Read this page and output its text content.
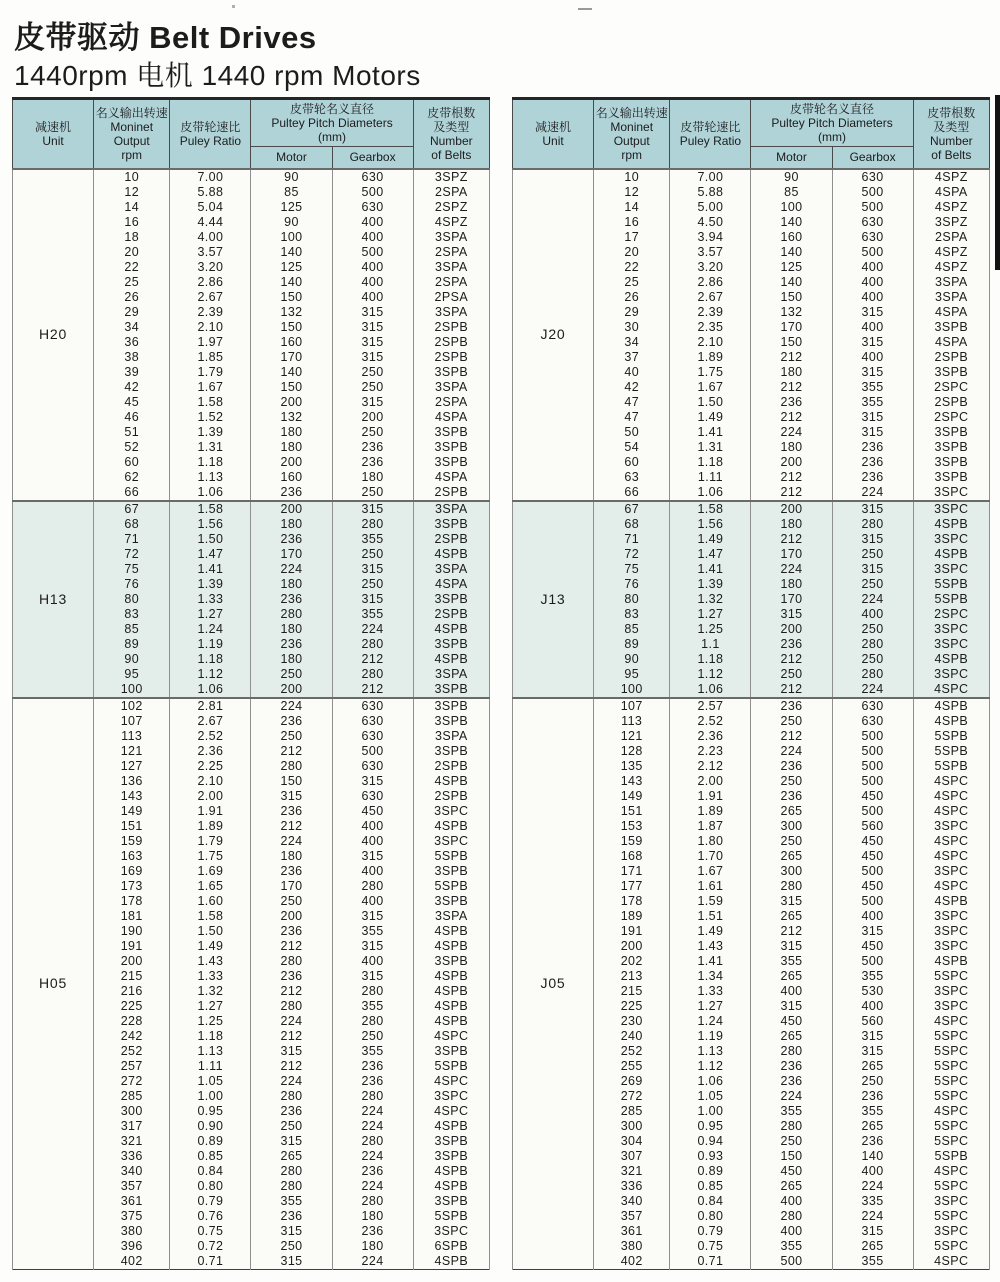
皮带驱动 Belt Drives
1440rpm 电机 1440 rpm Motors
减速机
Unit

名义输出转速
Moninet
Output
rpm

皮带轮速比
Puley Ratio

皮带轮名义直径
Pultey Pitch Diameters
(mm)

皮带根数
及类型
Number
of Belts

			Motor	Gearbox	

H20	10	7.00	90	630	3SPZ
	12	5.88	85	500	2SPA
	14	5.04	125	630	2SPZ
	16	4.44	90	400	4SPZ
	18	4.00	100	400	3SPA
	20	3.57	140	500	2SPA
	22	3.20	125	400	3SPA
	25	2.86	140	400	2SPA
	26	2.67	150	400	2PSA
	29	2.39	132	315	3SPA
	34	2.10	150	315	2SPB
	36	1.97	160	315	2SPB
	38	1.85	170	315	2SPB
	39	1.79	140	250	3SPB
	42	1.67	150	250	3SPA
	45	1.58	200	315	2SPA
	46	1.52	132	200	4SPA
	51	1.39	180	250	3SPB
	52	1.31	180	236	3SPB
	60	1.18	200	236	3SPB
	62	1.13	160	180	4SPA
	66	1.06	236	250	2SPB
H13	67	1.58	200	315	3SPA
	68	1.56	180	280	3SPB
	71	1.50	236	355	2SPB
	72	1.47	170	250	4SPB
	75	1.41	224	315	3SPA
	76	1.39	180	250	4SPA
	80	1.33	236	315	3SPB
	83	1.27	280	355	2SPB
	85	1.24	180	224	4SPB
	89	1.19	236	280	3SPB
	90	1.18	180	212	4SPB
	95	1.12	250	280	3SPA
	100	1.06	200	212	3SPB
H05	102	2.81	224	630	3SPB
	107	2.67	236	630	3SPB
	113	2.52	250	630	3SPA
	121	2.36	212	500	3SPB
	127	2.25	280	630	2SPB
	136	2.10	150	315	4SPB
	143	2.00	315	630	2SPB
	149	1.91	236	450	3SPC
	151	1.89	212	400	4SPB
	159	1.79	224	400	3SPC
	163	1.75	180	315	5SPB
	169	1.69	236	400	3SPB
	173	1.65	170	280	5SPB
	178	1.60	250	400	3SPB
	181	1.58	200	315	3SPA
	190	1.50	236	355	4SPB
	191	1.49	212	315	4SPB
	200	1.43	280	400	3SPB
	215	1.33	236	315	4SPB
	216	1.32	212	280	4SPB
	225	1.27	280	355	4SPB
	228	1.25	224	280	4SPB
	242	1.18	212	250	4SPC
	252	1.13	315	355	3SPB
	257	1.11	212	236	5SPB
	272	1.05	224	236	4SPC
	285	1.00	280	280	3SPC
	300	0.95	236	224	4SPC
	317	0.90	250	224	4SPB
	321	0.89	315	280	3SPB
	336	0.85	265	224	3SPB
	340	0.84	280	236	4SPB
	357	0.80	280	224	4SPB
	361	0.79	355	280	3SPB
	375	0.76	236	180	5SPB
	380	0.75	315	236	3SPC
	396	0.72	250	180	6SPB
	402	0.71	315	224	4SPB
减速机
Unit

名义输出转速
Moninet
Output
rpm

皮带轮速比
Puley Ratio

皮带轮名义直径
Pultey Pitch Diameters
(mm)

皮带根数
及类型
Number
of Belts

			Motor	Gearbox	

J20	10	7.00	90	630	4SPZ
	12	5.88	85	500	4SPA
	14	5.00	100	500	4SPZ
	16	4.50	140	630	3SPZ
	17	3.94	160	630	2SPA
	20	3.57	140	500	4SPZ
	22	3.20	125	400	4SPZ
	25	2.86	140	400	3SPA
	26	2.67	150	400	3SPA
	29	2.39	132	315	4SPA
	30	2.35	170	400	3SPB
	34	2.10	150	315	4SPA
	37	1.89	212	400	2SPB
	40	1.75	180	315	3SPB
	42	1.67	212	355	2SPC
	47	1.50	236	355	2SPB
	47	1.49	212	315	2SPC
	50	1.41	224	315	3SPB
	54	1.31	180	236	3SPB
	60	1.18	200	236	3SPB
	63	1.11	212	236	3SPB
	66	1.06	212	224	3SPC
J13	67	1.58	200	315	3SPC
	68	1.56	180	280	4SPB
	71	1.49	212	315	3SPC
	72	1.47	170	250	4SPB
	75	1.41	224	315	3SPC
	76	1.39	180	250	5SPB
	80	1.32	170	224	5SPB
	83	1.27	315	400	2SPC
	85	1.25	200	250	3SPC
	89	1.1	236	280	3SPC
	90	1.18	212	250	4SPB
	95	1.12	250	280	3SPC
	100	1.06	212	224	4SPC
J05	107	2.57	236	630	4SPB
	113	2.52	250	630	4SPB
	121	2.36	212	500	5SPB
	128	2.23	224	500	5SPB
	135	2.12	236	500	5SPB
	143	2.00	250	500	4SPC
	149	1.91	236	450	4SPC
	151	1.89	265	500	4SPC
	153	1.87	300	560	3SPC
	159	1.80	250	450	4SPC
	168	1.70	265	450	4SPC
	171	1.67	300	500	3SPC
	177	1.61	280	450	4SPC
	178	1.59	315	500	4SPB
	189	1.51	265	400	3SPC
	191	1.49	212	315	3SPC
	200	1.43	315	450	3SPC
	202	1.41	355	500	4SPB
	213	1.34	265	355	5SPC
	215	1.33	400	530	3SPC
	225	1.27	315	400	3SPC
	230	1.24	450	560	4SPC
	240	1.19	265	315	5SPC
	252	1.13	280	315	5SPC
	255	1.12	236	265	5SPC
	269	1.06	236	250	5SPC
	272	1.05	224	236	5SPC
	285	1.00	355	355	4SPC
	300	0.95	280	265	5SPC
	304	0.94	250	236	5SPC
	307	0.93	150	140	5SPB
	321	0.89	450	400	4SPC
	336	0.85	265	224	5SPC
	340	0.84	400	335	3SPC
	357	0.80	280	224	5SPC
	361	0.79	400	315	3SPC
	380	0.75	355	265	5SPC
	402	0.71	500	355	4SPC
